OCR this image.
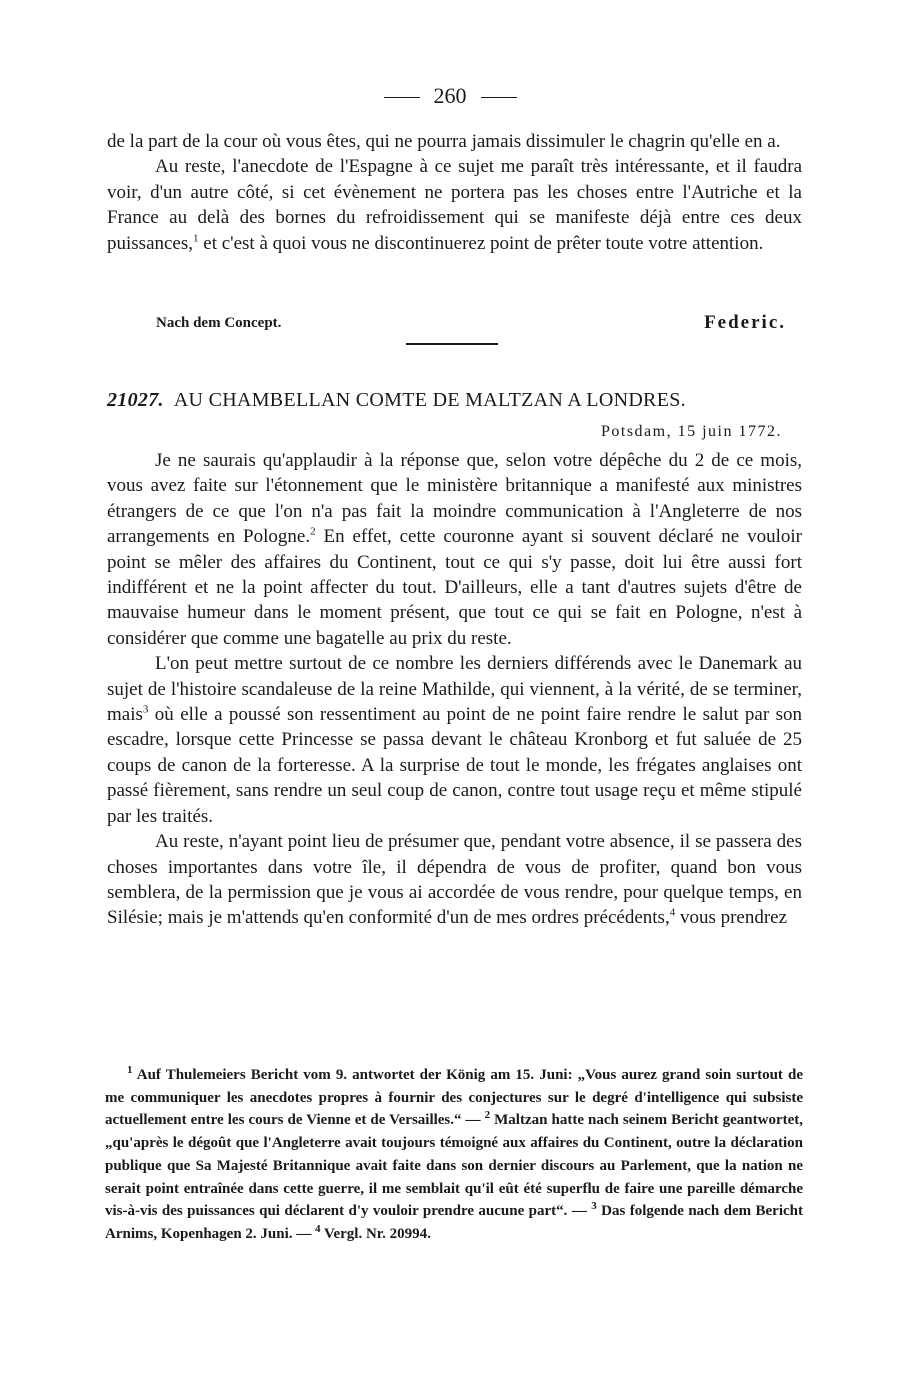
260

de la part de la cour où vous êtes, qui ne pourra jamais dissimuler le chagrin qu'elle en a.

Au reste, l'anecdote de l'Espagne à ce sujet me paraît très intéressante, et il faudra voir, d'un autre côté, si cet évènement ne portera pas les choses entre l'Autriche et la France au delà des bornes du refroidissement qui se manifeste déjà entre ces deux puissances,$^1$ et c'est à quoi vous ne discontinuerez point de prêter toute votre attention.

Nach dem Concept.	Federic.
21027. AU CHAMBELLAN COMTE DE MALTZAN A LONDRES.
Potsdam, 15 juin 1772.

Je ne saurais qu'applaudir à la réponse que, selon votre dépêche du 2 de ce mois, vous avez faite sur l'étonnement que le ministère britannique a manifesté aux ministres étrangers de ce que l'on n'a pas fait la moindre communication à l'Angleterre de nos arrangements en Pologne.$^2$ En effet, cette couronne ayant si souvent déclaré ne vouloir point se mêler des affaires du Continent, tout ce qui s'y passe, doit lui être aussi fort indifférent et ne la point affecter du tout. D'ailleurs, elle a tant d'autres sujets d'être de mauvaise humeur dans le moment présent, que tout ce qui se fait en Pologne, n'est à considérer que comme une bagatelle au prix du reste.

L'on peut mettre surtout de ce nombre les derniers différends avec le Danemark au sujet de l'histoire scandaleuse de la reine Mathilde, qui viennent, à la vérité, de se terminer, mais$^3$ où elle a poussé son ressentiment au point de ne point faire rendre le salut par son escadre, lorsque cette Princesse se passa devant le château Kronborg et fut saluée de 25 coups de canon de la forteresse. A la surprise de tout le monde, les frégates anglaises ont passé fièrement, sans rendre un seul coup de canon, contre tout usage reçu et même stipulé par les traités.

Au reste, n'ayant point lieu de présumer que, pendant votre absence, il se passera des choses importantes dans votre île, il dépendra de vous de profiter, quand bon vous semblera, de la permission que je vous ai accordée de vous rendre, pour quelque temps, en Silésie; mais je m'attends qu'en conformité d'un de mes ordres précédents,$^4$ vous prendrez

$^1$ Auf Thulemeiers Bericht vom 9. antwortet der König am 15. Juni: „Vous aurez grand soin surtout de me communiquer les anecdotes propres à fournir des conjectures sur le degré d'intelligence qui subsiste actuellement entre les cours de Vienne et de Versailles.“ — $^2$ Maltzan hatte nach seinem Bericht geantwortet, „qu'après le dégoût que l'Angleterre avait toujours témoigné aux affaires du Continent, outre la déclaration publique que Sa Majesté Britannique avait faite dans son dernier discours au Parlement, que la nation ne serait point entraînée dans cette guerre, il me semblait qu'il eût été superflu de faire une pareille démarche vis-à-vis des puissances qui déclarent d'y vouloir prendre aucune part“. — $^3$ Das folgende nach dem Bericht Arnims, Kopenhagen 2. Juni. — $^4$ Vergl. Nr. 20994.
